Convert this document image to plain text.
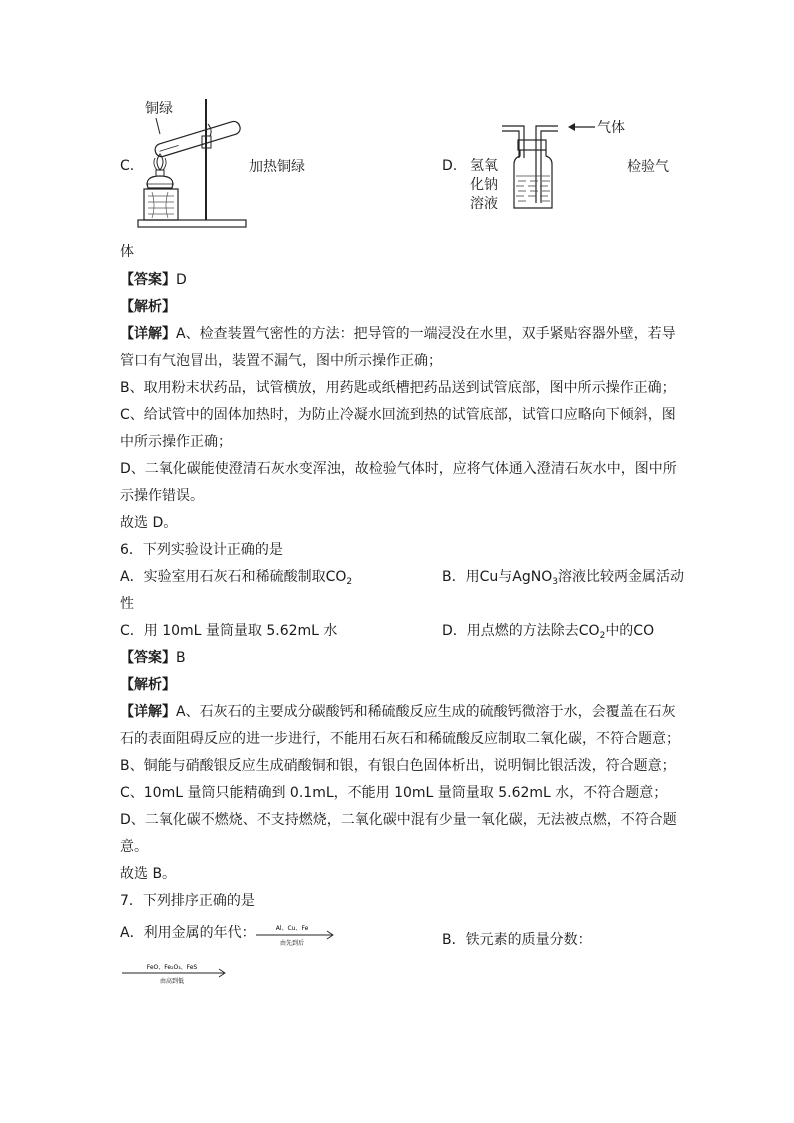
铜绿
C.	加热铜绿	D. 氢氧
化钠
溶液
气体
检验气
体
【答案】D
【解析】
【详解】A、检查装置气密性的方法：把导管的一端浸没在水里，双手紧贴容器外壁，若导
管口有气泡冒出，装置不漏气，图中所示操作正确；
B、取用粉末状药品，试管横放，用药匙或纸槽把药品送到试管底部，图中所示操作正确；
C、给试管中的固体加热时，为防止冷凝水回流到热的试管底部，试管口应略向下倾斜，图
中所示操作正确；
D、二氧化碳能使澄清石灰水变浑浊，故检验气体时，应将气体通入澄清石灰水中，图中所
示操作错误。
故选 D。
6．下列实验设计正确的是
A．实验室用石灰石和稀硫酸制取$CO_2$	B．用Cu与AgNO$_3$溶液比较两金属活动
性
C．用 10mL 量筒量取 5.62mL 水	D．用点燃的方法除去$CO_2$中的CO
【答案】B
【解析】
【详解】A、石灰石的主要成分碳酸钙和稀硫酸反应生成的硫酸钙微溶于水，会覆盖在石灰
石的表面阻碍反应的进一步进行，不能用石灰石和稀硫酸反应制取二氧化碳，不符合题意；
B、铜能与硝酸银反应生成硝酸铜和银，有银白色固体析出，说明铜比银活泼，符合题意；
C、10mL 量筒只能精确到 0.1mL，不能用 10mL 量筒量取 5.62mL 水，不符合题意；
D、二氧化碳不燃烧、不支持燃烧，二氧化碳中混有少量一氧化碳，无法被点燃，不符合题
意。
故选 B。
7．下列排序正确的是
A．利用金属的年代：	Al、Cu、Fe
由先到后	B．铁元素的质量分数：
FeO、Fe₂O₃、FeS
由高到低
